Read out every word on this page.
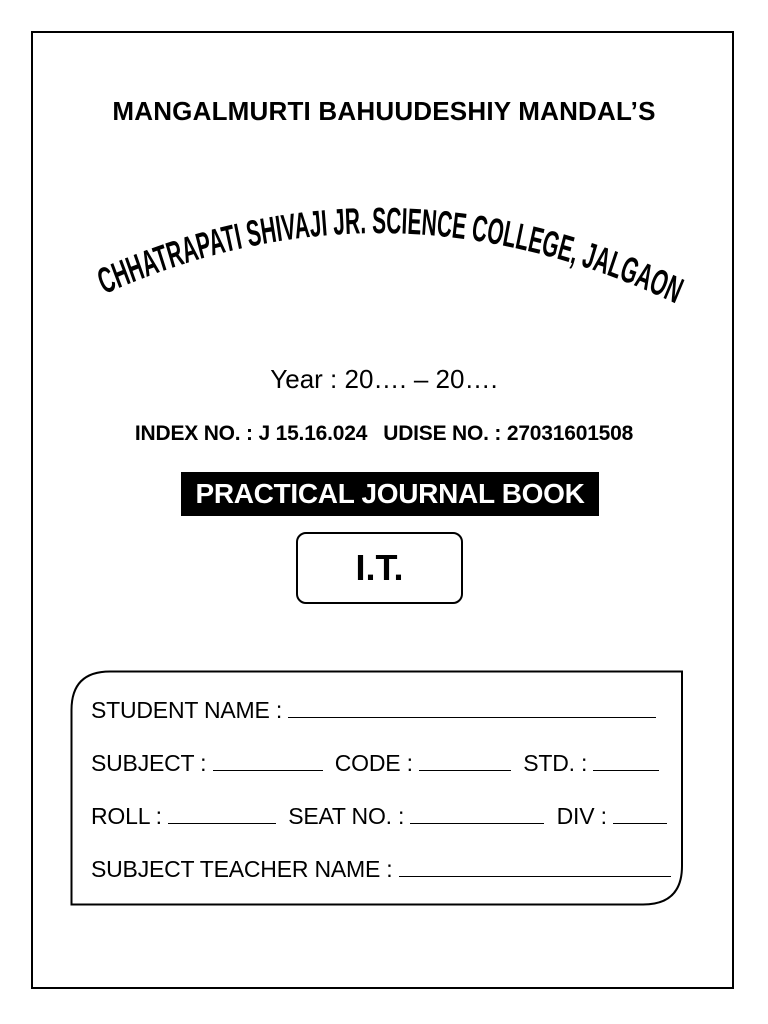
MANGALMURTI BAHUUDESHIY MANDAL’S
CHHATRAPATI SHIVAJI JR. SCIENCE COLLEGE, JALGAON
Year : 20…. – 20….
INDEX NO. : J 15.16.024 UDISE NO. : 27031601508
PRACTICAL JOURNAL BOOK
I.T.
STUDENT NAME :
SUBJECT :	CODE :	STD. :
ROLL :	SEAT NO. :	DIV :
SUBJECT TEACHER NAME :
